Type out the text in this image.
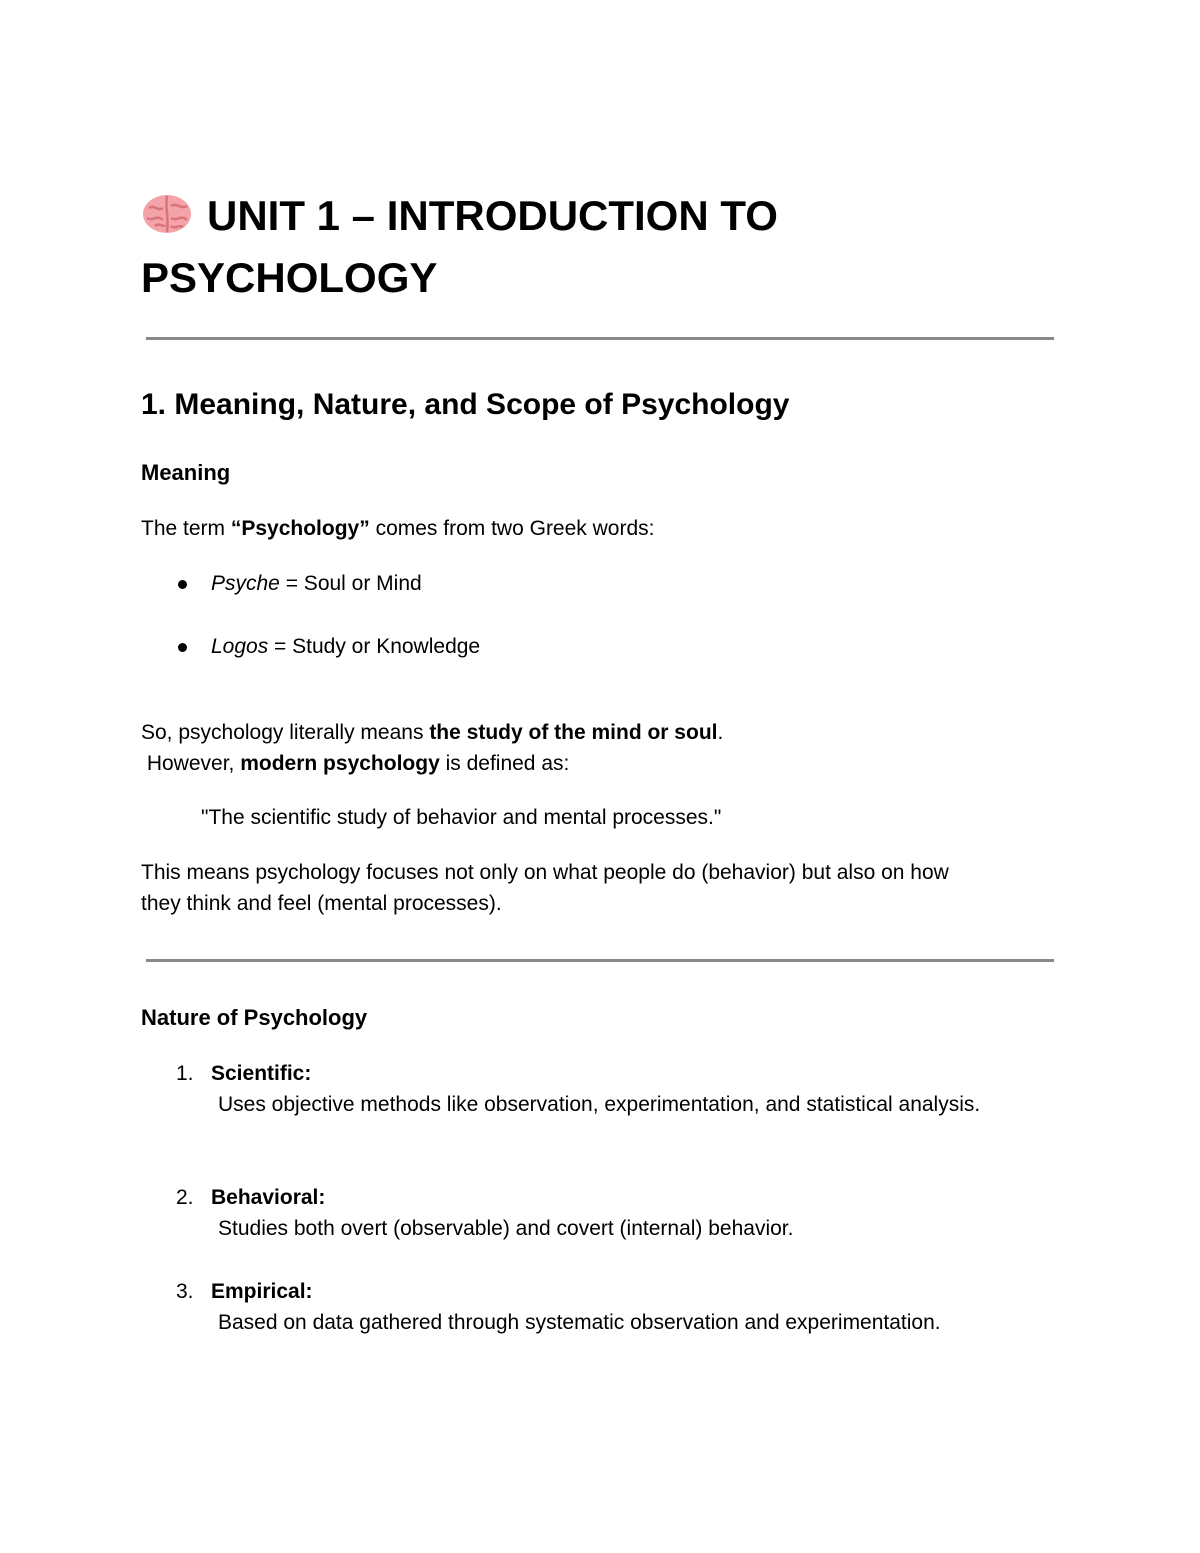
UNIT 1 – INTRODUCTION TO PSYCHOLOGY
1. Meaning, Nature, and Scope of Psychology
Meaning

The term “Psychology” comes from two Greek words:

Psyche = Soul or Mind

Logos = Study or Knowledge

So, psychology literally means the study of the mind or soul.

However, modern psychology is defined as:

"The scientific study of behavior and mental processes."

This means psychology focuses not only on what people do (behavior) but also on how

they think and feel (mental processes).

Nature of Psychology

1. Scientific:

Uses objective methods like observation, experimentation, and statistical analysis.

2. Behavioral:

Studies both overt (observable) and covert (internal) behavior.

3. Empirical:

Based on data gathered through systematic observation and experimentation.
